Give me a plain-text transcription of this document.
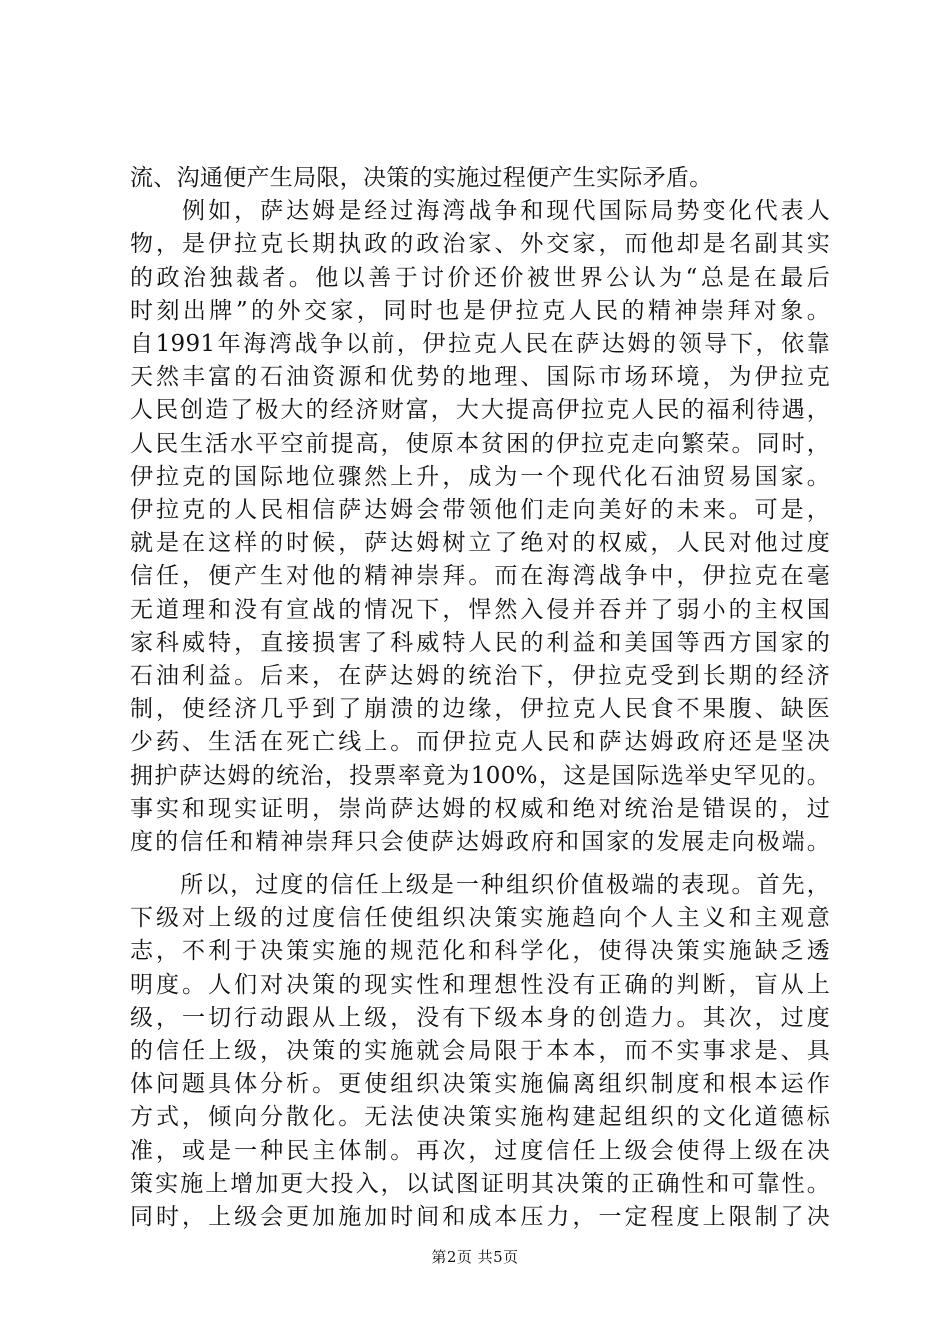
流、沟通便产生局限，决策的实施过程便产生实际矛盾。
　　例如，萨达姆是经过海湾战争和现代国际局势变化代表人
物，是伊拉克长期执政的政治家、外交家，而他却是名副其实
的政治独裁者。他以善于讨价还价被世界公认为“总是在最后
时刻出牌”的外交家，同时也是伊拉克人民的精神崇拜对象。
自1991年海湾战争以前，伊拉克人民在萨达姆的领导下，依靠
天然丰富的石油资源和优势的地理、国际市场环境，为伊拉克
人民创造了极大的经济财富，大大提高伊拉克人民的福利待遇，
人民生活水平空前提高，使原本贫困的伊拉克走向繁荣。同时，
伊拉克的国际地位骤然上升，成为一个现代化石油贸易国家。
伊拉克的人民相信萨达姆会带领他们走向美好的未来。可是，
就是在这样的时候，萨达姆树立了绝对的权威，人民对他过度
信任，便产生对他的精神崇拜。而在海湾战争中，伊拉克在毫
无道理和没有宣战的情况下，悍然入侵并吞并了弱小的主权国
家科威特，直接损害了科威特人民的利益和美国等西方国家的
石油利益。后来，在萨达姆的统治下，伊拉克受到长期的经济
制，使经济几乎到了崩溃的边缘，伊拉克人民食不果腹、缺医
少药、生活在死亡线上。而伊拉克人民和萨达姆政府还是坚决
拥护萨达姆的统治，投票率竟为100%，这是国际选举史罕见的。
事实和现实证明，崇尚萨达姆的权威和绝对统治是错误的，过
度的信任和精神崇拜只会使萨达姆政府和国家的发展走向极端。
　　所以，过度的信任上级是一种组织价值极端的表现。首先，
下级对上级的过度信任使组织决策实施趋向个人主义和主观意
志，不利于决策实施的规范化和科学化，使得决策实施缺乏透
明度。人们对决策的现实性和理想性没有正确的判断，盲从上
级，一切行动跟从上级，没有下级本身的创造力。其次，过度
的信任上级，决策的实施就会局限于本本，而不实事求是、具
体问题具体分析。更使组织决策实施偏离组织制度和根本运作
方式，倾向分散化。无法使决策实施构建起组织的文化道德标
准，或是一种民主体制。再次，过度信任上级会使得上级在决
策实施上增加更大投入，以试图证明其决策的正确性和可靠性。
同时，上级会更加施加时间和成本压力，一定程度上限制了决
第2页 共5页
